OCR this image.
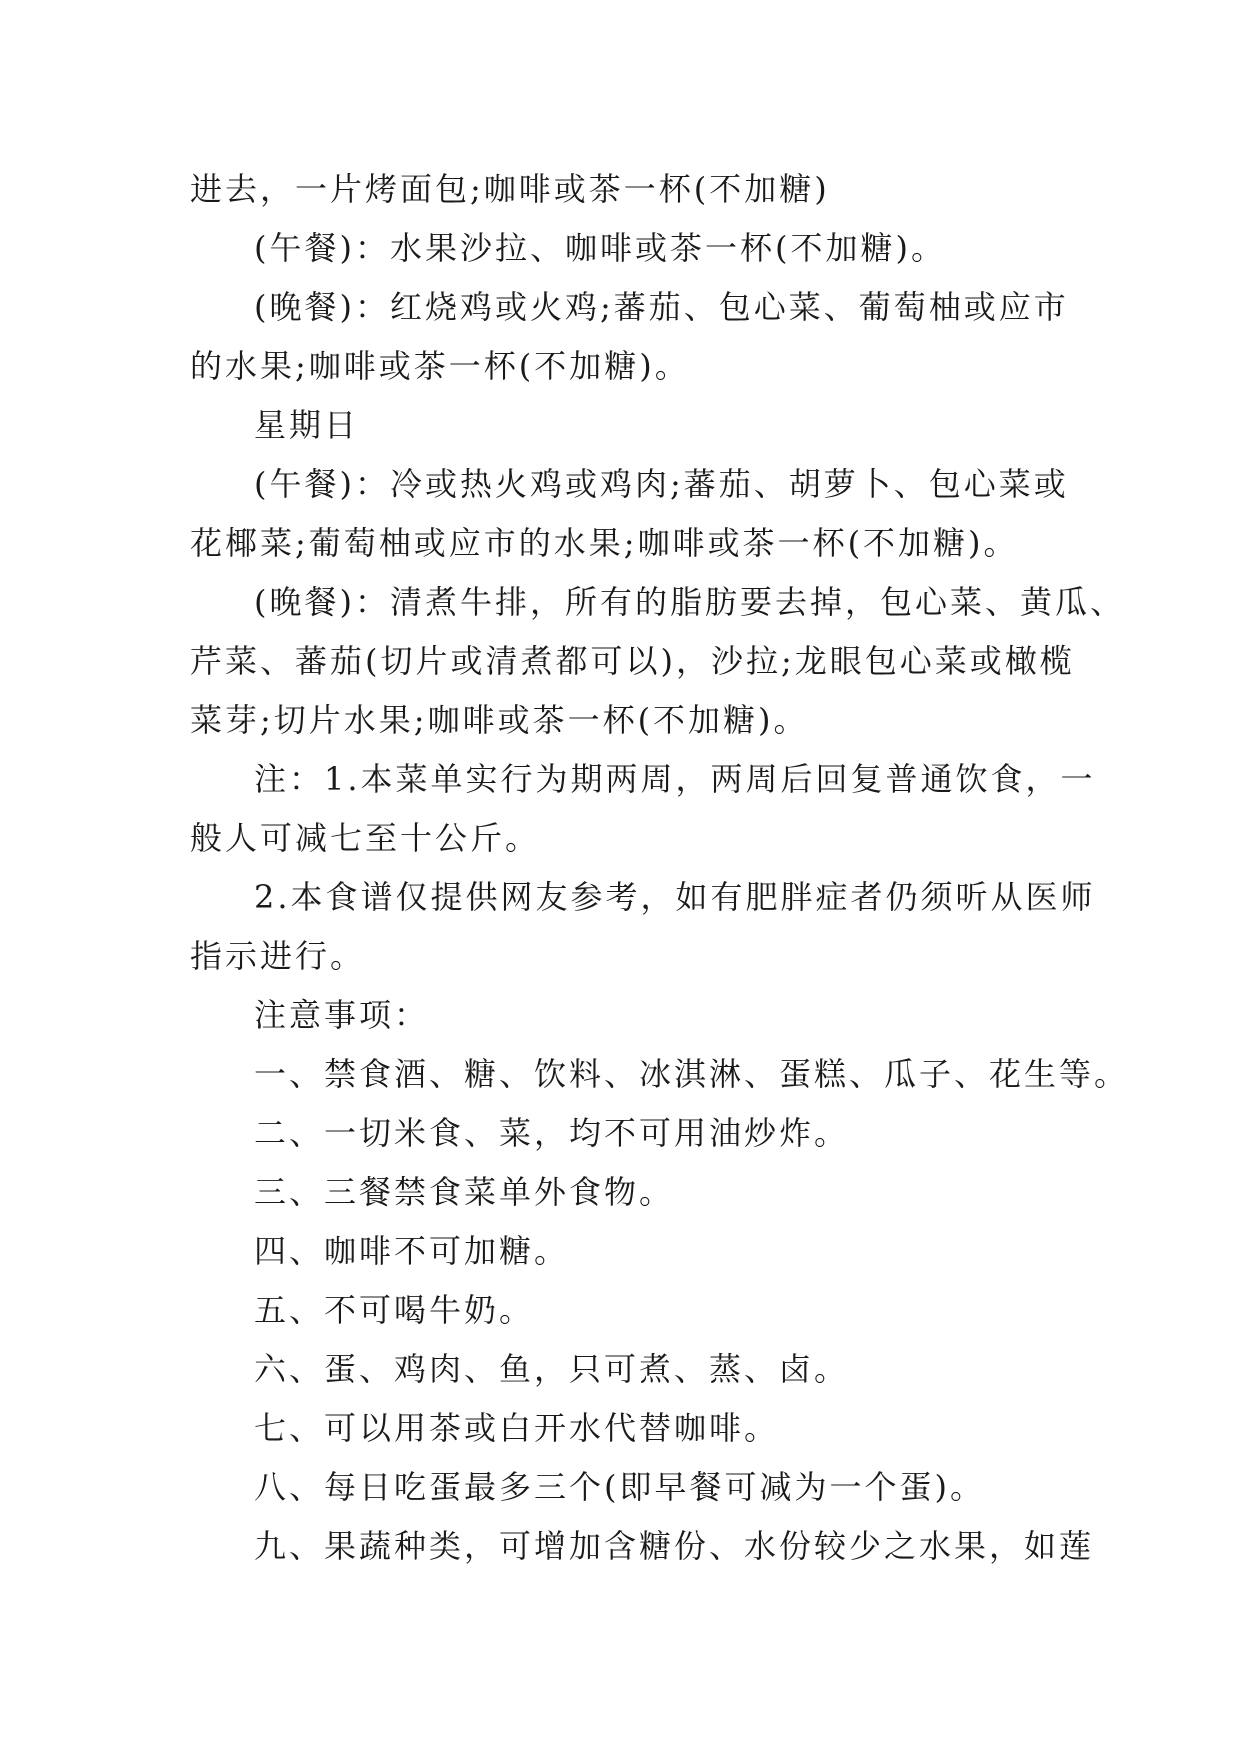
进去，一片烤面包;咖啡或茶一杯(不加糖)

(午餐)：水果沙拉、咖啡或茶一杯(不加糖)。

(晚餐)：红烧鸡或火鸡;蕃茄、包心菜、葡萄柚或应市

的水果;咖啡或茶一杯(不加糖)。

星期日

(午餐)：冷或热火鸡或鸡肉;蕃茄、胡萝卜、包心菜或

花椰菜;葡萄柚或应市的水果;咖啡或茶一杯(不加糖)。

(晚餐)：清煮牛排，所有的脂肪要去掉，包心菜、黄瓜、

芹菜、蕃茄(切片或清煮都可以)，沙拉;龙眼包心菜或橄榄

菜芽;切片水果;咖啡或茶一杯(不加糖)。

注：1.本菜单实行为期两周，两周后回复普通饮食，一

般人可减七至十公斤。

2.本食谱仅提供网友参考，如有肥胖症者仍须听从医师

指示进行。

注意事项：

一、禁食酒、糖、饮料、冰淇淋、蛋糕、瓜子、花生等。

二、一切米食、菜，均不可用油炒炸。

三、三餐禁食菜单外食物。

四、咖啡不可加糖。

五、不可喝牛奶。

六、蛋、鸡肉、鱼，只可煮、蒸、卤。

七、可以用茶或白开水代替咖啡。

八、每日吃蛋最多三个(即早餐可减为一个蛋)。

九、果蔬种类，可增加含糖份、水份较少之水果，如莲
